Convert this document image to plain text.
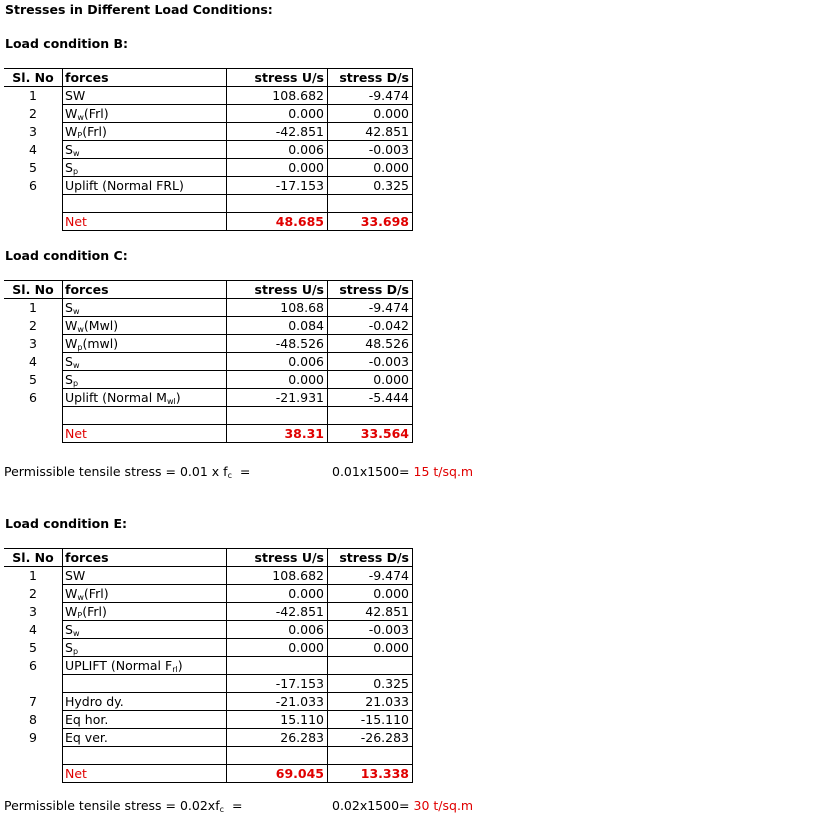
Stresses in Different Load Conditions:
Load condition B:
Sl. No	forces	stress U/s	stress D/s
1	SW	108.682	-9.474
2	$W_w(Frl)$	0.000	0.000
3	$W_P(Frl)$	-42.851	42.851
4	$S_w$	0.006	-0.003
5	$S_p$	0.000	0.000
6	Uplift (Normal FRL)	-17.153	0.325

	Net	48.685	33.698
Load condition C:
Sl. No	forces	stress U/s	stress D/s
1	$S_w$	108.68	-9.474
2	$W_w(Mwl)$	0.084	-0.042
3	$W_p(mwl)$	-48.526	48.526
4	$S_w$	0.006	-0.003
5	$S_p$	0.000	0.000
6	Uplift (Normal $M_{wl}$)	-21.931	-5.444

	Net	38.31	33.564
Permissible tensile stress = 0.01 x $f_c$  =	0.01x1500= 15 t/sq.m
Load condition E:
Sl. No	forces	stress U/s	stress D/s
1	SW	108.682	-9.474
2	$W_w(Frl)$	0.000	0.000
3	$W_P(Frl)$	-42.851	42.851
4	$S_w$	0.006	-0.003
5	$S_p$	0.000	0.000
6	UPLIFT (Normal $F_{rl}$)		
		-17.153	0.325
7	Hydro dy.	-21.033	21.033
8	Eq hor.	15.110	-15.110
9	Eq ver.	26.283	-26.283

	Net	69.045	13.338
Permissible tensile stress = $0.02xf_c$  =	0.02x1500= 30 t/sq.m
